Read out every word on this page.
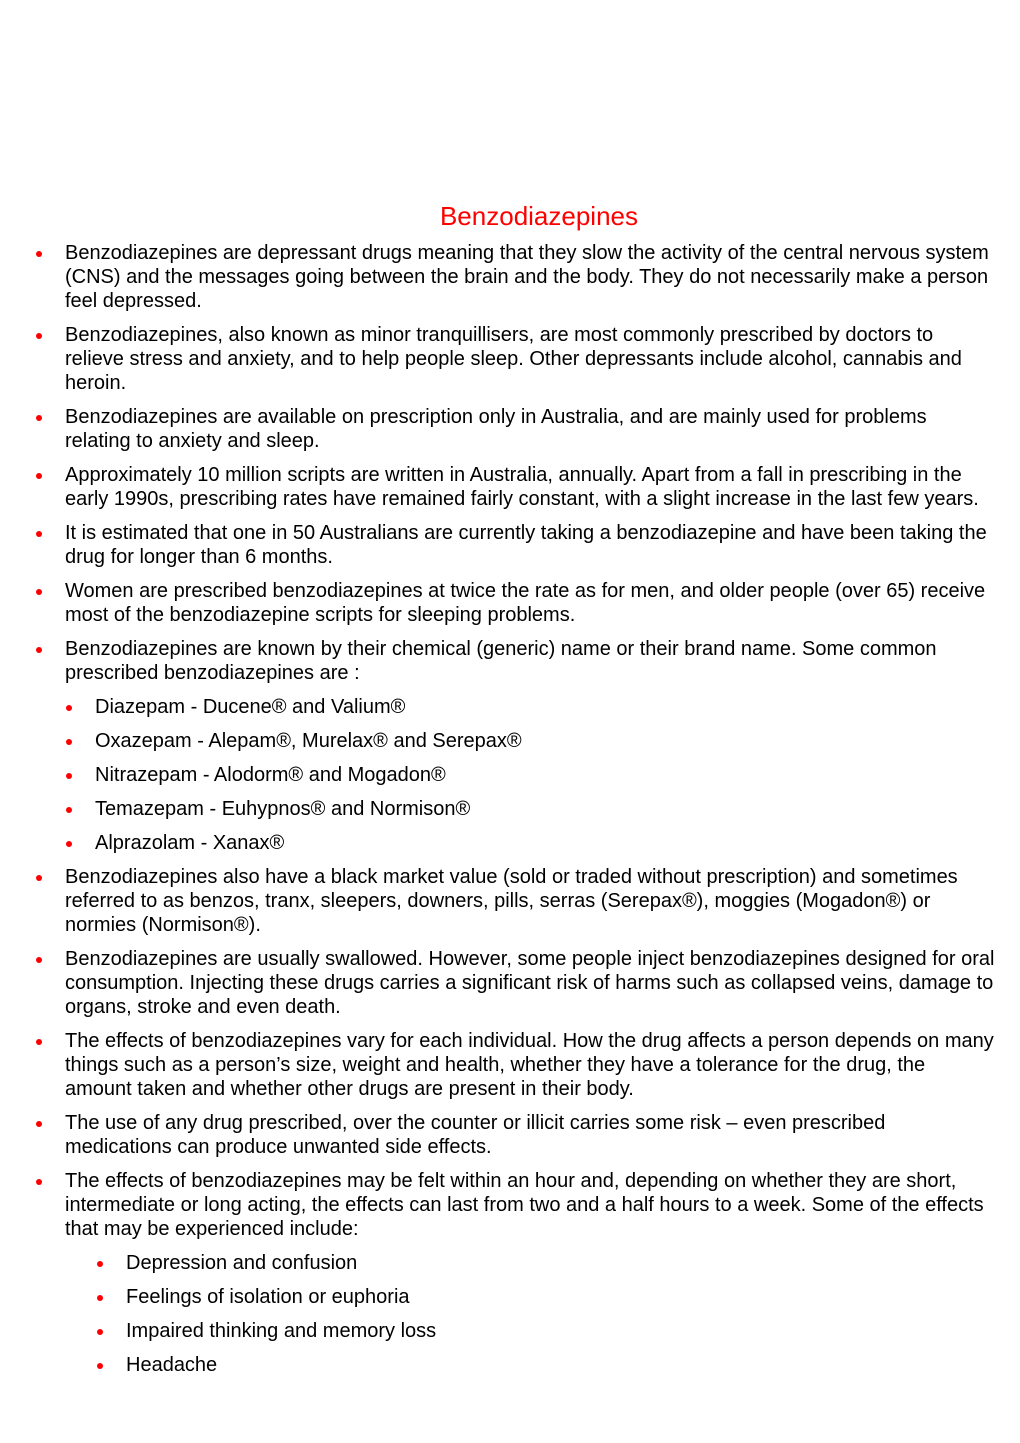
Benzodiazepines
Benzodiazepines are depressant drugs meaning that they slow the activity of the central nervous system (CNS) and the messages going between the brain and the body. They do not necessarily make a person feel depressed.
Benzodiazepines, also known as minor tranquillisers, are most commonly prescribed by doctors to relieve stress and anxiety, and to help people sleep. Other depressants include alcohol, cannabis and heroin.
Benzodiazepines are available on prescription only in Australia, and are mainly used for problems relating to anxiety and sleep.
Approximately 10 million scripts are written in Australia, annually. Apart from a fall in prescribing in the early 1990s, prescribing rates have remained fairly constant, with a slight increase in the last few years.
It is estimated that one in 50 Australians are currently taking a benzodiazepine and have been taking the drug for longer than 6 months.
Women are prescribed benzodiazepines at twice the rate as for men, and older people (over 65) receive most of the benzodiazepine scripts for sleeping problems.
Benzodiazepines are known by their chemical (generic) name or their brand name. Some common prescribed benzodiazepines are :
Diazepam - Ducene® and Valium®
Oxazepam - Alepam®, Murelax® and Serepax®
Nitrazepam - Alodorm® and Mogadon®
Temazepam - Euhypnos® and Normison®
Alprazolam - Xanax®
Benzodiazepines also have a black market value (sold or traded without prescription) and sometimes referred to as benzos, tranx, sleepers, downers, pills, serras (Serepax®), moggies (Mogadon®) or normies (Normison®).
Benzodiazepines are usually swallowed. However, some people inject benzodiazepines designed for oral consumption. Injecting these drugs carries a significant risk of harms such as collapsed veins, damage to organs, stroke and even death.
The effects of benzodiazepines vary for each individual. How the drug affects a person depends on many things such as a person’s size, weight and health, whether they have a tolerance for the drug, the amount taken and whether other drugs are present in their body.
The use of any drug prescribed, over the counter or illicit carries some risk – even prescribed medications can produce unwanted side effects.
The effects of benzodiazepines may be felt within an hour and, depending on whether they are short, intermediate or long acting, the effects can last from two and a half hours to a week. Some of the effects that may be experienced include:
Depression and confusion
Feelings of isolation or euphoria
Impaired thinking and memory loss
Headache
